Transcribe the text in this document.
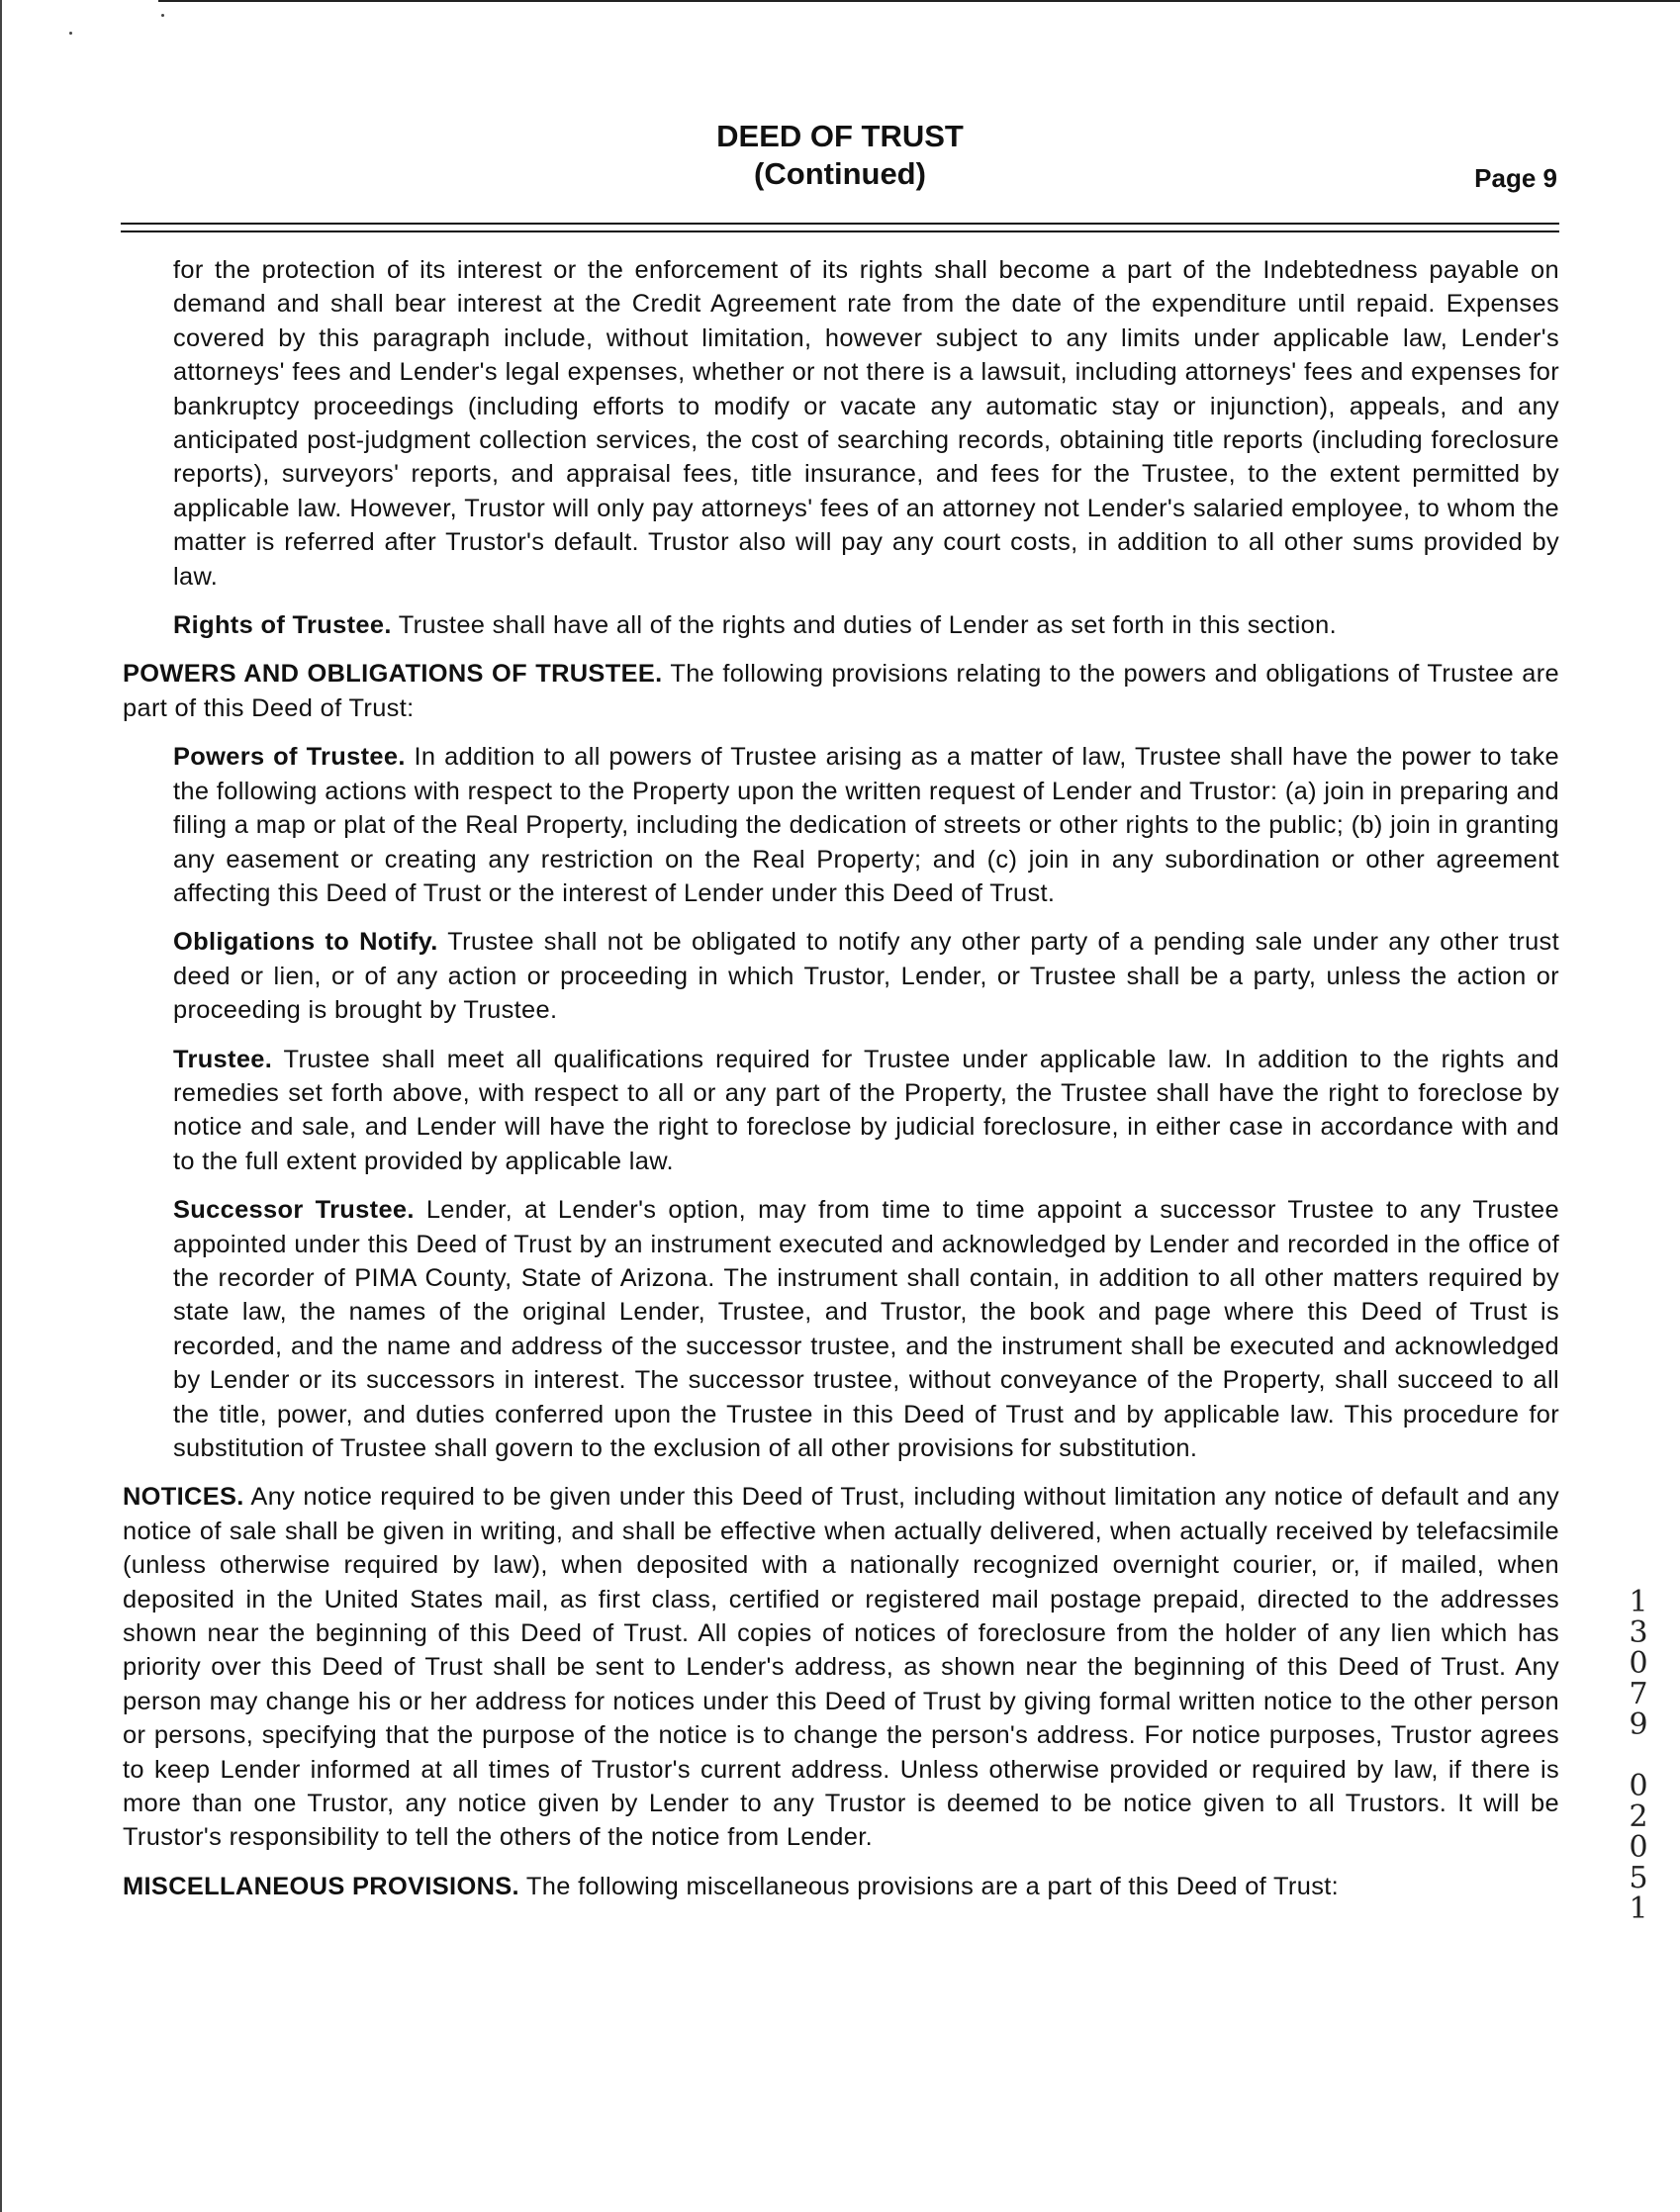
DEED OF TRUST
(Continued)	Page 9

for the protection of its interest or the enforcement of its rights shall become a part of the Indebtedness payable on demand and shall bear interest at the Credit Agreement rate from the date of the expenditure until repaid. Expenses covered by this paragraph include, without limitation, however subject to any limits under applicable law, Lender's attorneys' fees and Lender's legal expenses, whether or not there is a lawsuit, including attorneys' fees and expenses for bankruptcy proceedings (including efforts to modify or vacate any automatic stay or injunction), appeals, and any anticipated post-judgment collection services, the cost of searching records, obtaining title reports (including foreclosure reports), surveyors' reports, and appraisal fees, title insurance, and fees for the Trustee, to the extent permitted by applicable law. However, Trustor will only pay attorneys' fees of an attorney not Lender's salaried employee, to whom the matter is referred after Trustor's default. Trustor also will pay any court costs, in addition to all other sums provided by law.

Rights of Trustee. Trustee shall have all of the rights and duties of Lender as set forth in this section.

POWERS AND OBLIGATIONS OF TRUSTEE. The following provisions relating to the powers and obligations of Trustee are part of this Deed of Trust:

Powers of Trustee. In addition to all powers of Trustee arising as a matter of law, Trustee shall have the power to take the following actions with respect to the Property upon the written request of Lender and Trustor: (a) join in preparing and filing a map or plat of the Real Property, including the dedication of streets or other rights to the public; (b) join in granting any easement or creating any restriction on the Real Property; and (c) join in any subordination or other agreement affecting this Deed of Trust or the interest of Lender under this Deed of Trust.

Obligations to Notify. Trustee shall not be obligated to notify any other party of a pending sale under any other trust deed or lien, or of any action or proceeding in which Trustor, Lender, or Trustee shall be a party, unless the action or proceeding is brought by Trustee.

Trustee. Trustee shall meet all qualifications required for Trustee under applicable law. In addition to the rights and remedies set forth above, with respect to all or any part of the Property, the Trustee shall have the right to foreclose by notice and sale, and Lender will have the right to foreclose by judicial foreclosure, in either case in accordance with and to the full extent provided by applicable law.

Successor Trustee. Lender, at Lender's option, may from time to time appoint a successor Trustee to any Trustee appointed under this Deed of Trust by an instrument executed and acknowledged by Lender and recorded in the office of the recorder of PIMA County, State of Arizona. The instrument shall contain, in addition to all other matters required by state law, the names of the original Lender, Trustee, and Trustor, the book and page where this Deed of Trust is recorded, and the name and address of the successor trustee, and the instrument shall be executed and acknowledged by Lender or its successors in interest. The successor trustee, without conveyance of the Property, shall succeed to all the title, power, and duties conferred upon the Trustee in this Deed of Trust and by applicable law. This procedure for substitution of Trustee shall govern to the exclusion of all other provisions for substitution.

NOTICES. Any notice required to be given under this Deed of Trust, including without limitation any notice of default and any notice of sale shall be given in writing, and shall be effective when actually delivered, when actually received by telefacsimile (unless otherwise required by law), when deposited with a nationally recognized overnight courier, or, if mailed, when deposited in the United States mail, as first class, certified or registered mail postage prepaid, directed to the addresses shown near the beginning of this Deed of Trust. All copies of notices of foreclosure from the holder of any lien which has priority over this Deed of Trust shall be sent to Lender's address, as shown near the beginning of this Deed of Trust. Any person may change his or her address for notices under this Deed of Trust by giving formal written notice to the other person or persons, specifying that the purpose of the notice is to change the person's address. For notice purposes, Trustor agrees to keep Lender informed at all times of Trustor's current address. Unless otherwise provided or required by law, if there is more than one Trustor, any notice given by Lender to any Trustor is deemed to be notice given to all Trustors. It will be Trustor's responsibility to tell the others of the notice from Lender.

MISCELLANEOUS PROVISIONS. The following miscellaneous provisions are a part of this Deed of Trust:

1
3
0
7
9

0
2
0
5
1
